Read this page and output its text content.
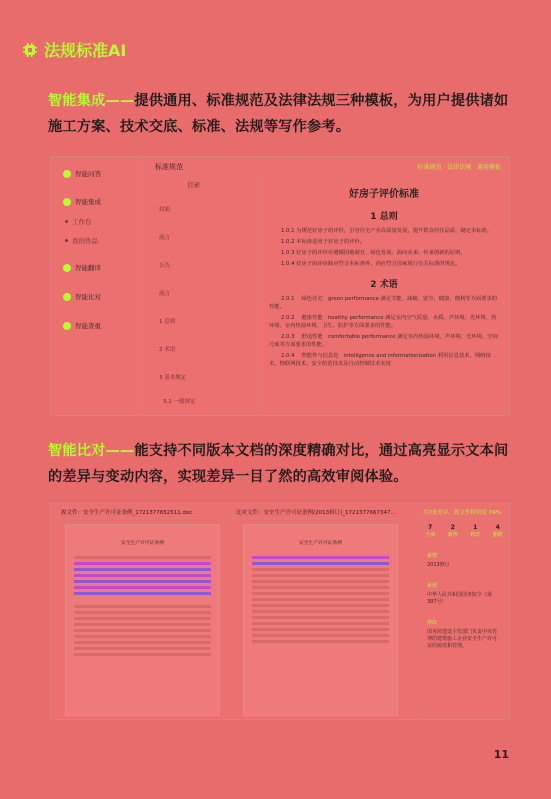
法规标准AI
智能集成——提供通用、标准规范及法律法规三种模板，为用户提供诸如施工方案、技术交底、标准、法规等写作参考。
智能问答
智能集成
工作台
我的作品
智能翻译
智能比对
智能查重
标准规范	标准规范 · 法律法规 · 通用模板
目录
封面
前言
公告
前言
1 总则
2 术语
3 基本规定
3.1 一般规定
好房子评价标准
1 总则

1.0.1 为规范好房子的评价，引导住宅产业高质量发展，提升群众居住品质，制定本标准。

1.0.2 本标准适用于好房子的评价。

1.0.3 好房子的评价应遵循因地制宜、绿色发展、面向未来、传承创新的原则。

1.0.4 好房子的评价除应符合本标准外，尚应符合国家现行有关标准的规定。

2 术语

2.0.1 　绿色住宅　green performance 满足节能、减碳、安全、健康、便利等方面要求的性能。

2.0.2 　健康性能　healthy performance 满足室内空气质量、水质、声环境、光环境、热环境、室内热湿环境、卫生、防护等方面要求的性能。

2.0.3 　舒适性能　comfortable performance 满足室内热湿环境、声环境、光环境、空间尺度等方面要求的性能。

2.0.4 　智能性与信息化　intelligence and informationization 利用信息技术、网络技术、物联网技术、安全防范技术及自动控制技术实现

智能比对——能支持不同版本文档的深度精确对比，通过高亮显示文本间的差异与变动内容，实现差异一目了然的高效审阅体验。
源文件：安全生产许可证条例_1721377652511.doc	比对文件：安全生产许可证条例(2013修订)_1721377667347…	共7处差异，源文件相似度 74%
安全生产许可证条例	安全生产许可证条例
7
全部
2
新增
1
修改
4
删除
新增
2013修订
新增
中华人民共和国国务院令（第397号）
修改
国务院建设主管部门负责中央管理的建筑施工企业安全生产许可证的颁发和管理。
11
